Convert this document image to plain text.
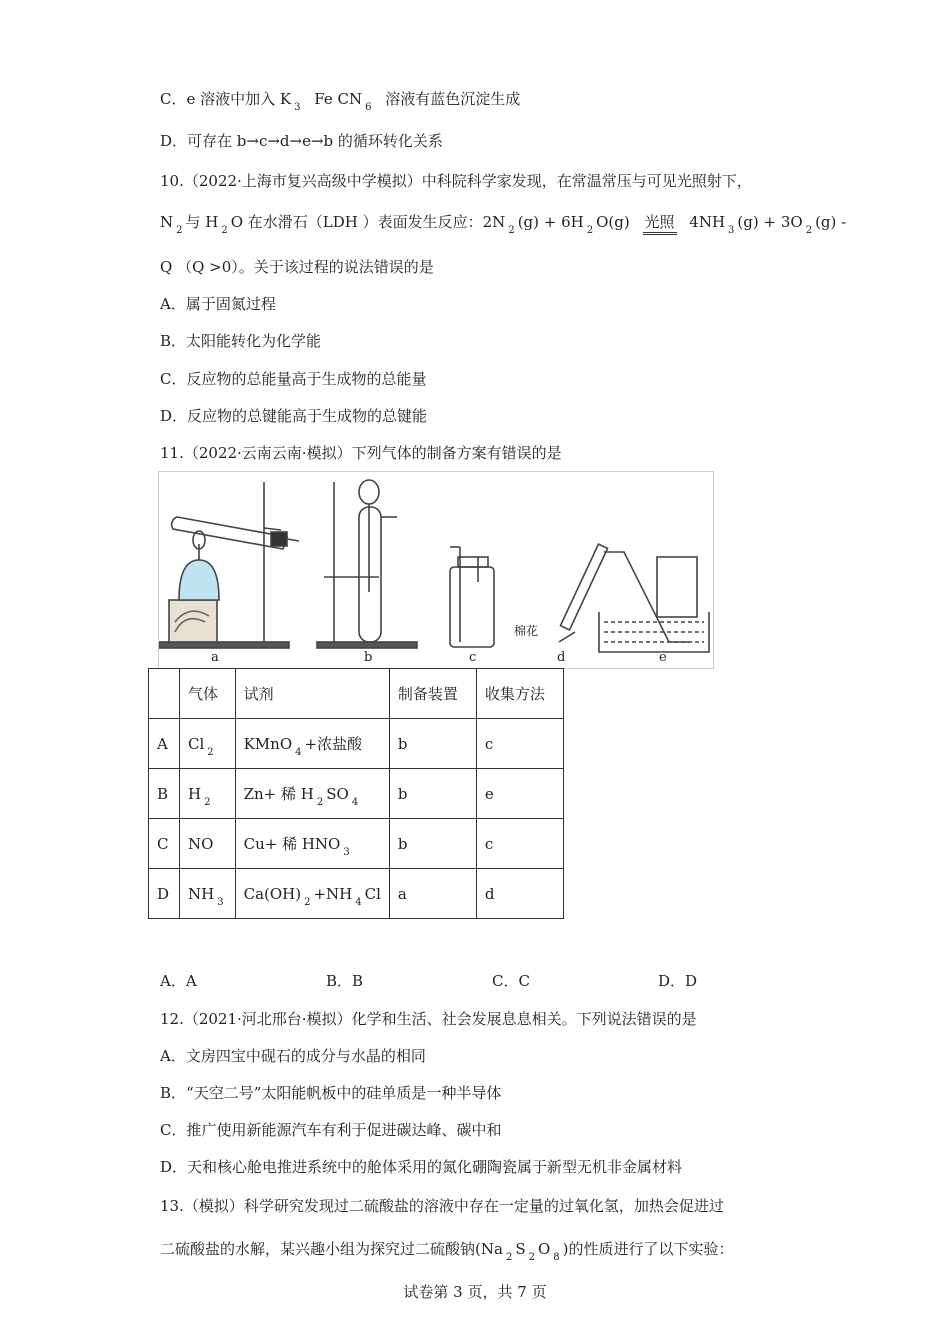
C．e 溶液中加入 K $_3$ Fe CN $_6$ 溶液有蓝色沉淀生成
D．可存在 b→c→d→e→b 的循环转化关系
10.（2022·上海市复兴高级中学模拟）中科院科学家发现，在常温常压与可见光照射下，
N $_2$ 与 H $_2$ O 在水滑石（LDH ）表面发生反应：2N $_2$ (g) + 6H $_2$ O(g) 光照 4NH $_3$ (g) + 3O $_2$ (g) -
Q （Q >0）。关于该过程的说法错误的是
A．属于固氮过程
B．太阳能转化为化学能
C．反应物的总能量高于生成物的总能量
D．反应物的总键能高于生成物的总键能
11.（2022·云南云南·模拟）下列气体的制备方案有错误的是
棉花
a	b	c	d	e
	气体	试剂	制备装置	收集方法
A	Cl $_2$	KMnO $_4$ +浓盐酸	b	c
B	H $_2$	Zn+ 稀 H $_2$ SO $_4$	b	e
C	NO	Cu+ 稀 HNO $_3$	b	c
D	NH $_3$	Ca(OH) $_2$ +NH $_4$ Cl	a	d
A．A	B．B	C．C	D．D
12.（2021·河北邢台·模拟）化学和生活、社会发展息息相关。下列说法错误的是
A．文房四宝中砚石的成分与水晶的相同
B．“天空二号”太阳能帆板中的硅单质是一种半导体
C．推广使用新能源汽车有利于促进碳达峰、碳中和
D．天和核心舱电推进系统中的舱体采用的氮化硼陶瓷属于新型无机非金属材料
13.（模拟）科学研究发现过二硫酸盐的溶液中存在一定量的过氧化氢，加热会促进过
二硫酸盐的水解，某兴趣小组为探究过二硫酸钠(Na $_2$ S $_2$ O $_8$ )的性质进行了以下实验：
试卷第 3 页，共 7 页
